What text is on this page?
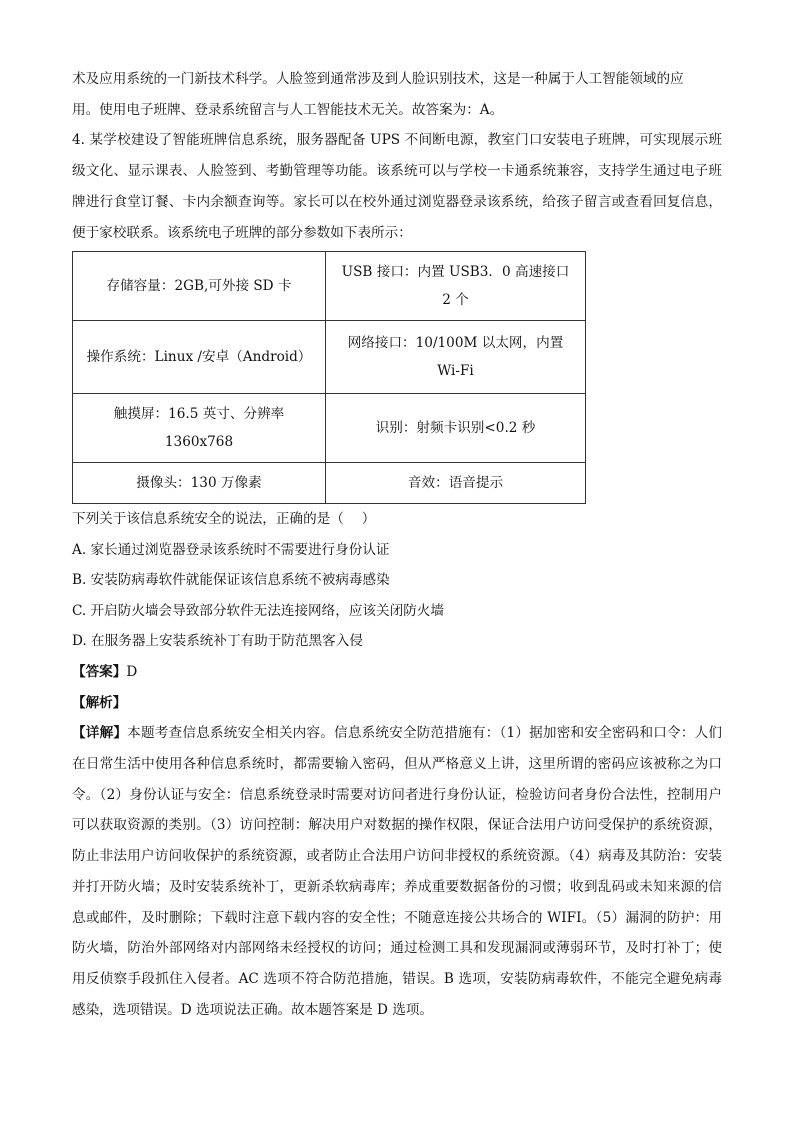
术及应用系统的一门新技术科学。人脸签到通常涉及到人脸识别技术，这是一种属于人工智能领域的应

用。使用电子班牌、登录系统留言与人工智能技术无关。故答案为：A。

4. 某学校建设了智能班牌信息系统，服务器配备 UPS 不间断电源，教室门口安装电子班牌，可实现展示班级文化、显示课表、人脸签到、考勤管理等功能。该系统可以与学校一卡通系统兼容，支持学生通过电子班牌进行食堂订餐、卡内余额查询等。家长可以在校外通过浏览器登录该系统，给孩子留言或查看回复信息，便于家校联系。该系统电子班牌的部分参数如下表所示：

存储容量：2GB,可外接 SD 卡	USB 接口：内置 USB3．0 高速接口 2 个
操作系统：Linux /安卓（Android）	网络接口：10/100M 以太网，内置 Wi-Fi
触摸屏：16.5 英寸、分辨率 1360x768	识别：射频卡识别<0.2 秒
摄像头：130 万像素	音效：语音提示

下列关于该信息系统安全的说法，正确的是（　 ）

A. 家长通过浏览器登录该系统时不需要进行身份认证

B. 安装防病毒软件就能保证该信息系统不被病毒感染

C. 开启防火墙会导致部分软件无法连接网络，应该关闭防火墙

D. 在服务器上安装系统补丁有助于防范黑客入侵

【答案】D

【解析】

【详解】本题考查信息系统安全相关内容。信息系统安全防范措施有：（1）据加密和安全密码和口令：人们在日常生活中使用各种信息系统时，都需要输入密码，但从严格意义上讲，这里所谓的密码应该被称之为口令。（2）身份认证与安全：信息系统登录时需要对访问者进行身份认证，检验访问者身份合法性，控制用户可以获取资源的类别。（3）访问控制：解决用户对数据的操作权限，保证合法用户访问受保护的系统资源，防止非法用户访问收保护的系统资源，或者防止合法用户访问非授权的系统资源。（4）病毒及其防治：安装并打开防火墙；及时安装系统补丁，更新杀软病毒库；养成重要数据备份的习惯；收到乱码或未知来源的信息或邮件，及时删除；下载时注意下载内容的安全性；不随意连接公共场合的 WIFI。（5）漏洞的防护：用防火墙，防治外部网络对内部网络未经授权的访问；通过检测工具和发现漏洞或薄弱环节，及时打补丁；使用反侦察手段抓住入侵者。AC 选项不符合防范措施，错误。B 选项，安装防病毒软件，不能完全避免病毒感染，选项错误。D 选项说法正确。故本题答案是 D 选项。
